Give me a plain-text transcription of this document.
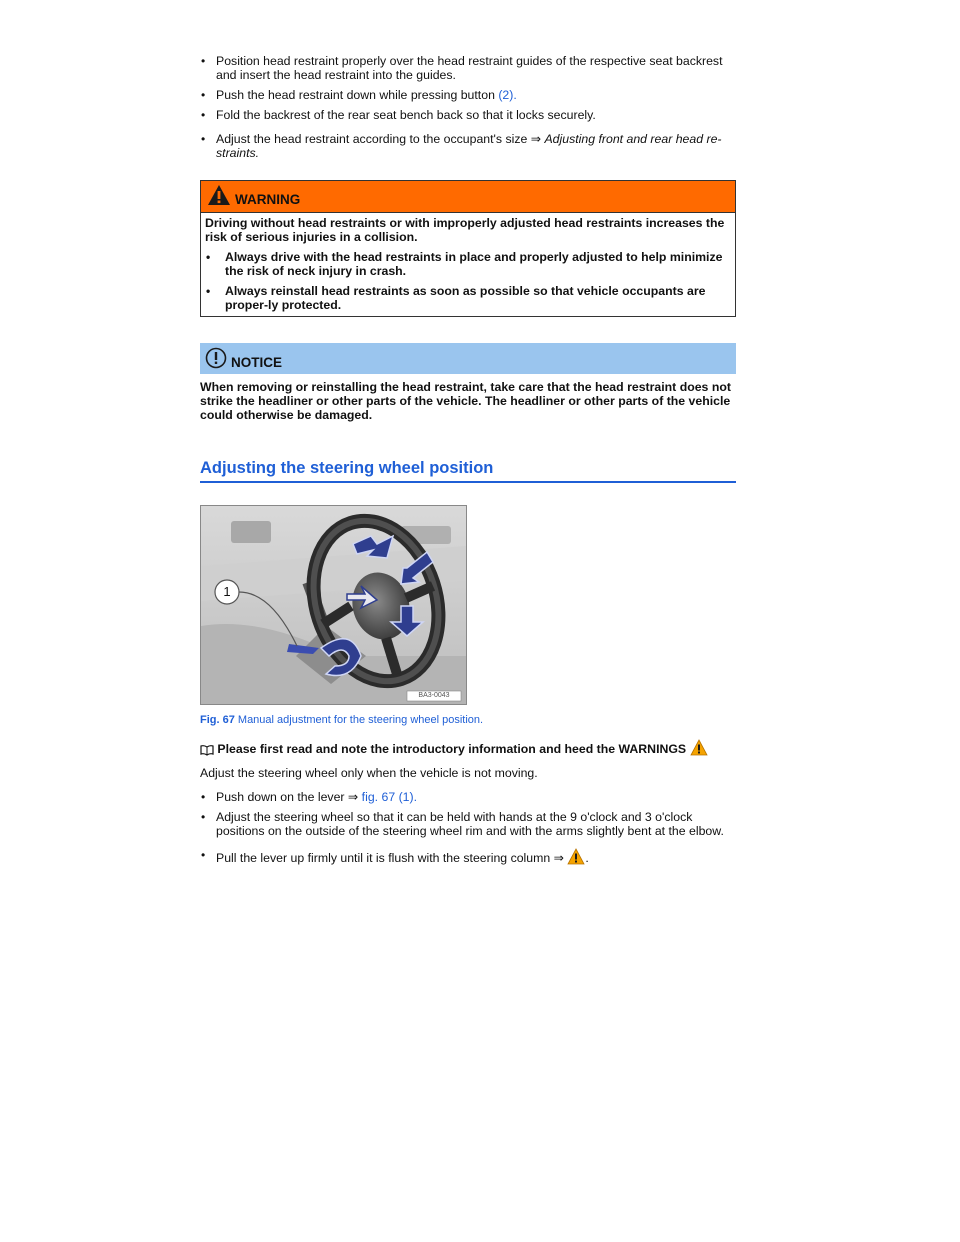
• Position head restraint properly over the head restraint guides of the respective seat backrest and insert the head restraint into the guides.
• Push the head restraint down while pressing button (2).
• Fold the backrest of the rear seat bench back so that it locks securely.
• Adjust the head restraint according to the occupant's size ⇒ Adjusting front and rear head re-straints.
WARNING

Driving without head restraints or with improperly adjusted head restraints increases the risk of serious injuries in a collision.

• Always drive with the head restraints in place and properly adjusted to help minimize the risk of neck injury in crash.
• Always reinstall head restraints as soon as possible so that vehicle occupants are proper-ly protected.
NOTICE
When removing or reinstalling the head restraint, take care that the head restraint does not strike the headliner or other parts of the vehicle. The headliner or other parts of the vehicle could otherwise be damaged.
Adjusting the steering wheel position
1
BA3-0043
Fig. 67 Manual adjustment for the steering wheel position.
Please first read and note the introductory information and heed the WARNINGS
Adjust the steering wheel only when the vehicle is not moving.
• Push down on the lever ⇒ fig. 67 (1).
• Adjust the steering wheel so that it can be held with hands at the 9 o'clock and 3 o'clock positions on the outside of the steering wheel rim and with the arms slightly bent at the elbow.
• Pull the lever up firmly until it is flush with the steering column ⇒ .
